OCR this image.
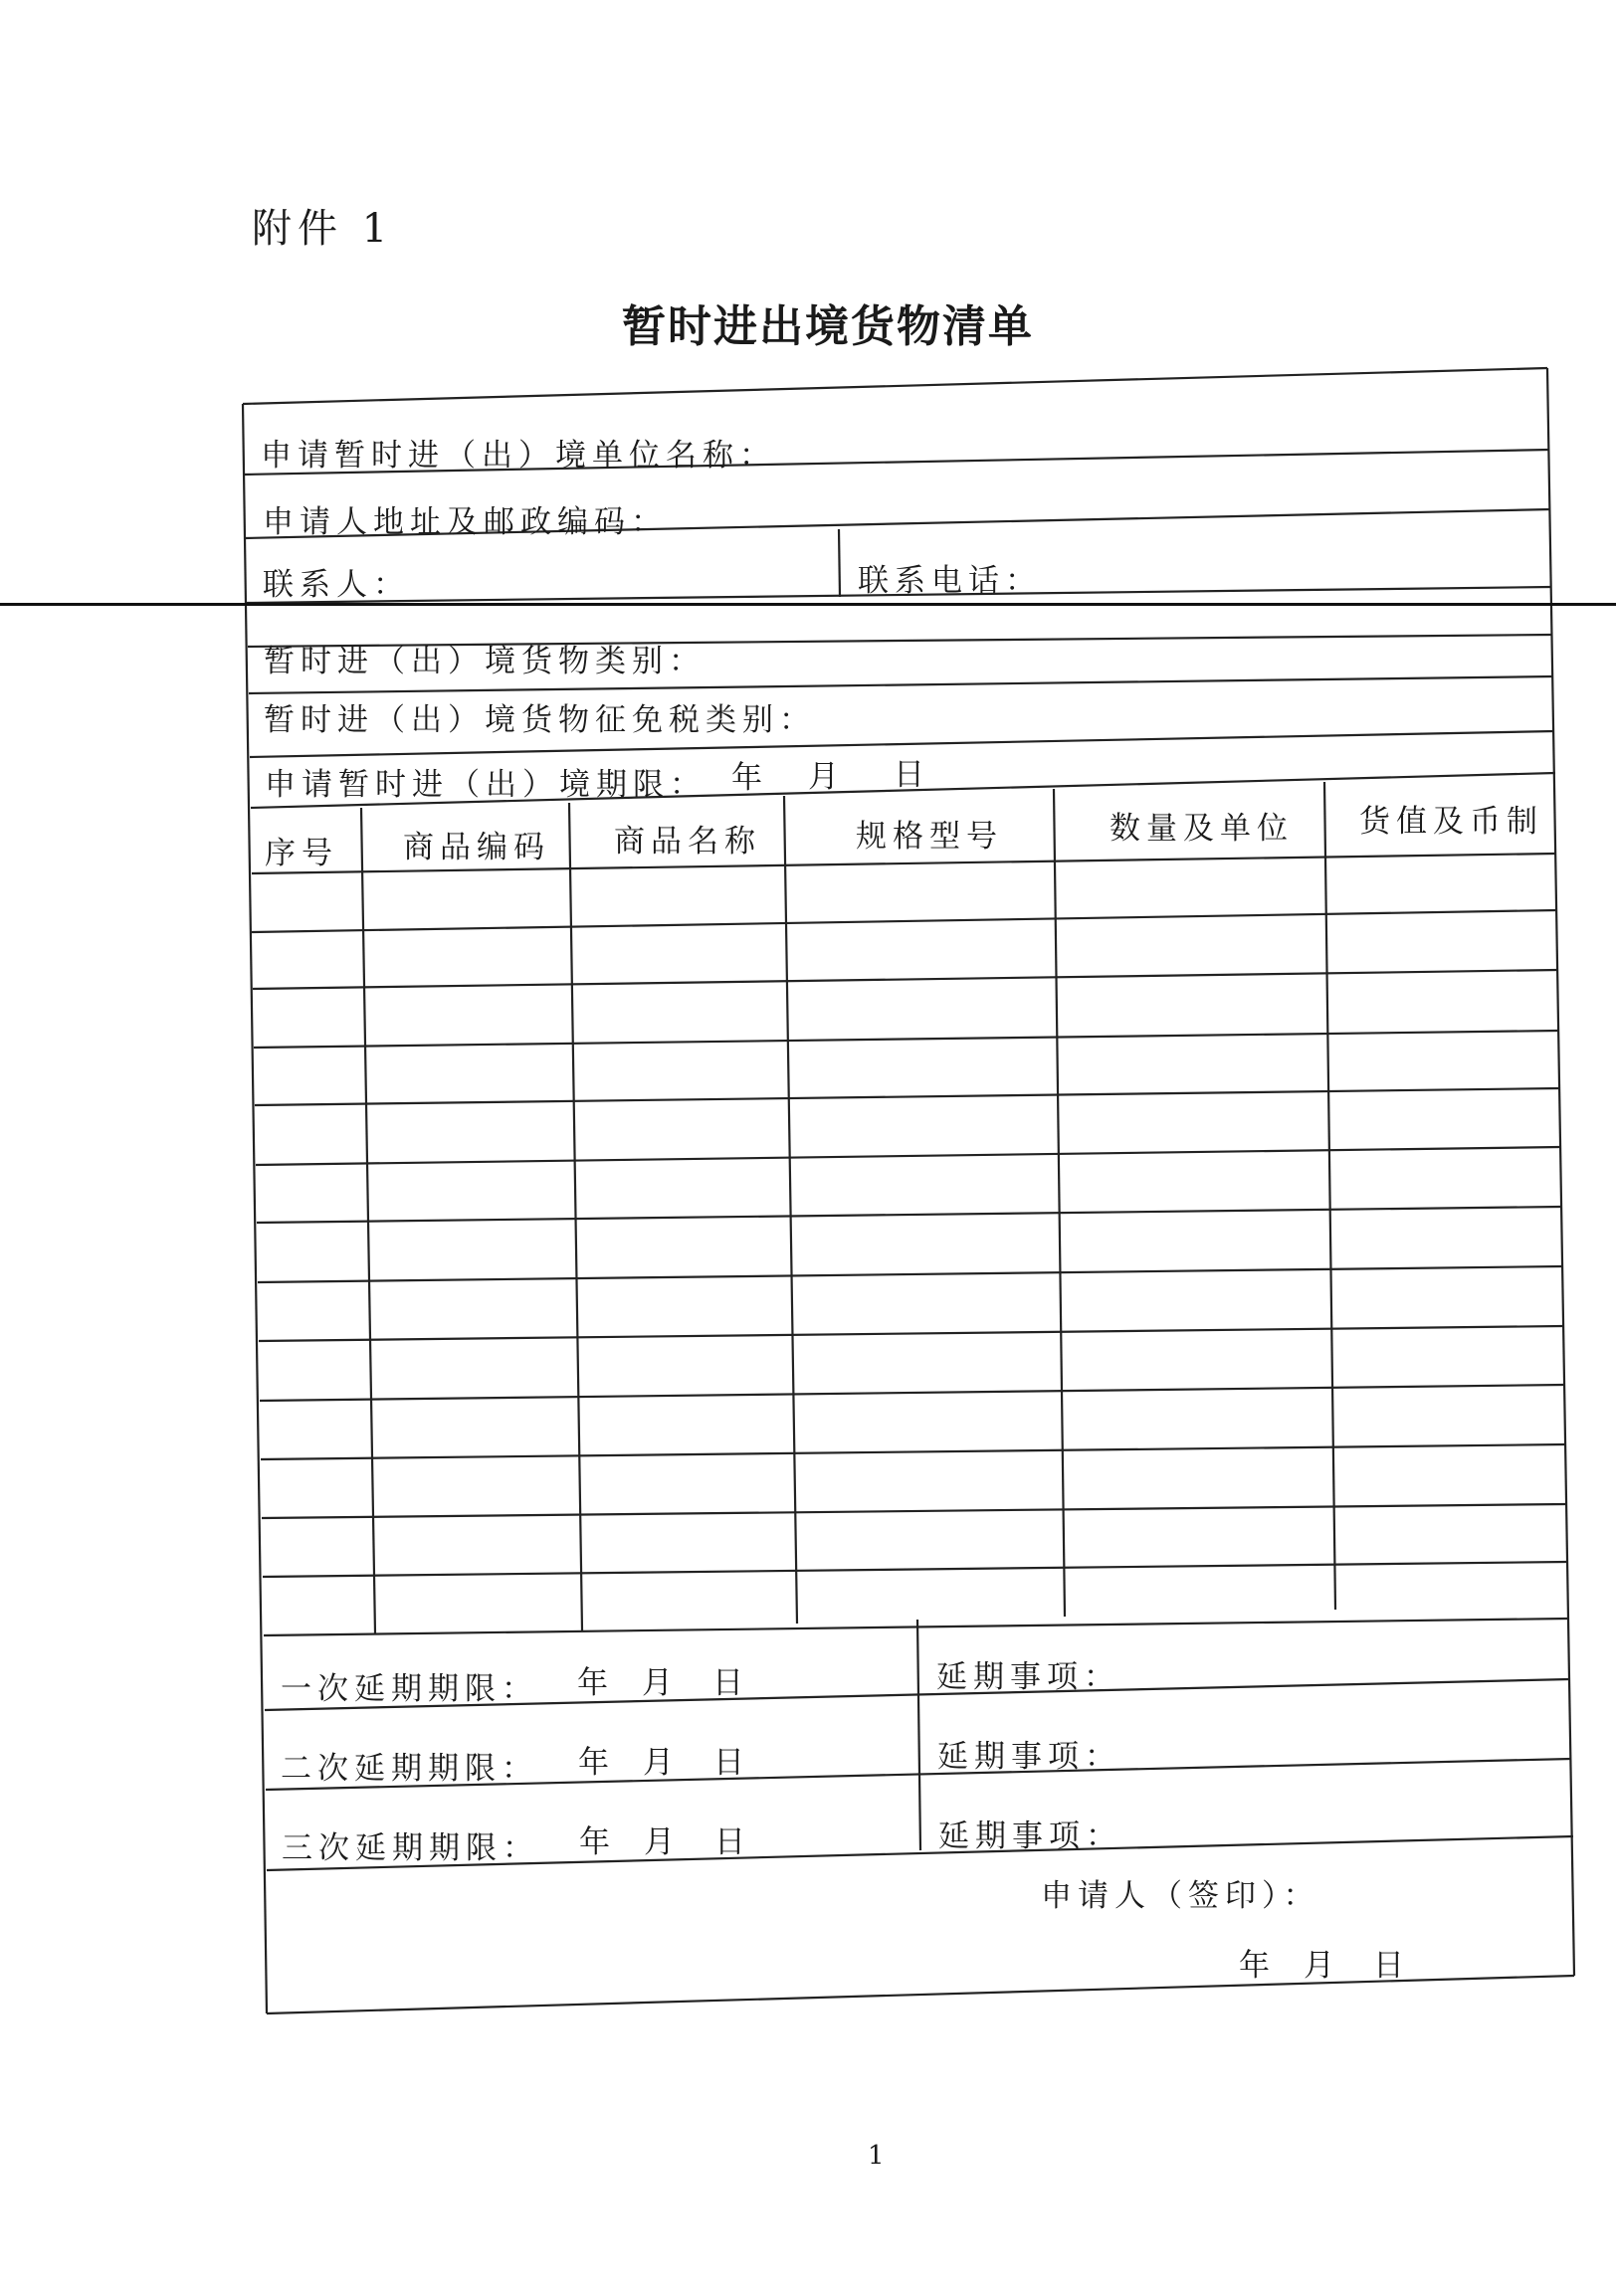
附件 1
暂时进出境货物清单
申请暂时进（出）境单位名称：
申请人地址及邮政编码：
联系人：	联系电话：
暂时进（出）境货物类别：
暂时进（出）境货物征免税类别：
申请暂时进（出）境期限： 年 月 日
序号 商品编码 商品名称	规格型号	数量及单位 货值及币制
一次延期期限： 年 月 日	延期事项：
二次延期期限： 年 月 日	延期事项：
三次延期期限： 年 月 日	延期事项：
申请人（签印）：
年 月 日
1
